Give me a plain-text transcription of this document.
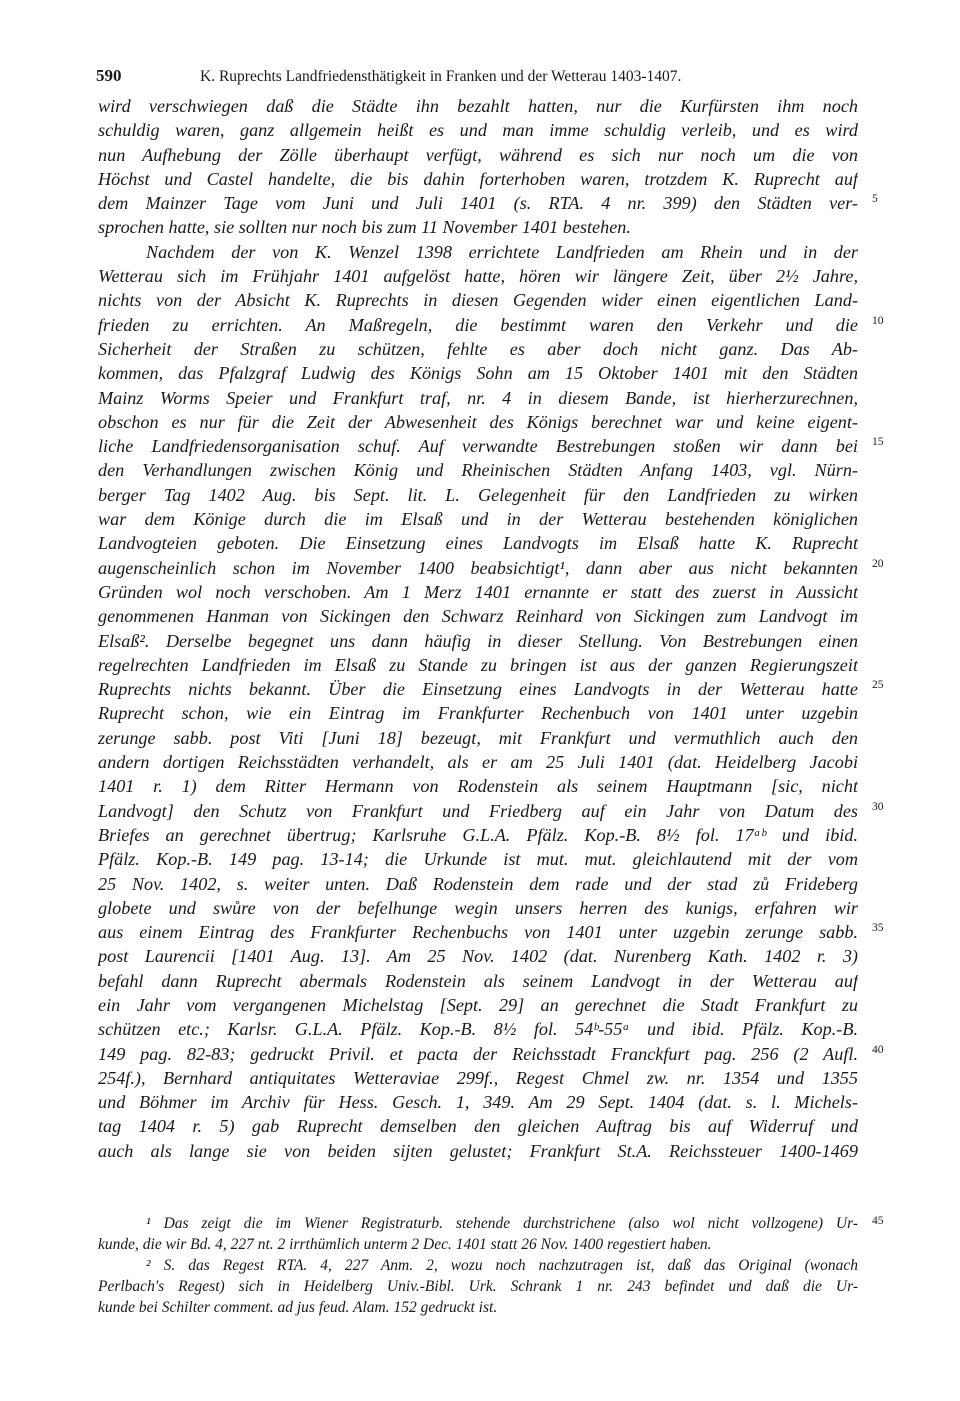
590	K. Ruprechts Landfriedensthätigkeit in Franken und der Wetterau 1403-1407.
wird verschwiegen daß die Städte ihn bezahlt hatten, nur die Kurfürsten ihm noch
schuldig waren, ganz allgemein heißt es und man imme schuldig verleib, und es wird
nun Aufhebung der Zölle überhaupt verfügt, während es sich nur noch um die von
Höchst und Castel handelte, die bis dahin forterhoben waren, trotzdem K. Ruprecht auf
dem Mainzer Tage vom Juni und Juli 1401 (s. RTA. 4 nr. 399) den Städten ver-
sprochen hatte, sie sollten nur noch bis zum 11 November 1401 bestehen.
Nachdem der von K. Wenzel 1398 errichtete Landfrieden am Rhein und in der
Wetterau sich im Frühjahr 1401 aufgelöst hatte, hören wir längere Zeit, über 2½ Jahre,
nichts von der Absicht K. Ruprechts in diesen Gegenden wider einen eigentlichen Land-
frieden zu errichten. An Maßregeln, die bestimmt waren den Verkehr und die
Sicherheit der Straßen zu schützen, fehlte es aber doch nicht ganz. Das Ab-
kommen, das Pfalzgraf Ludwig des Königs Sohn am 15 Oktober 1401 mit den Städten
Mainz Worms Speier und Frankfurt traf, nr. 4 in diesem Bande, ist hierherzurechnen,
obschon es nur für die Zeit der Abwesenheit des Königs berechnet war und keine eigent-
liche Landfriedensorganisation schuf. Auf verwandte Bestrebungen stoßen wir dann bei
den Verhandlungen zwischen König und Rheinischen Städten Anfang 1403, vgl. Nürn-
berger Tag 1402 Aug. bis Sept. lit. L. Gelegenheit für den Landfrieden zu wirken
war dem Könige durch die im Elsaß und in der Wetterau bestehenden königlichen
Landvogteien geboten. Die Einsetzung eines Landvogts im Elsaß hatte K. Ruprecht
augenscheinlich schon im November 1400 beabsichtigt¹, dann aber aus nicht bekannten
Gründen wol noch verschoben. Am 1 Merz 1401 ernannte er statt des zuerst in Aussicht
genommenen Hanman von Sickingen den Schwarz Reinhard von Sickingen zum Landvogt im
Elsaß². Derselbe begegnet uns dann häufig in dieser Stellung. Von Bestrebungen einen
regelrechten Landfrieden im Elsaß zu Stande zu bringen ist aus der ganzen Regierungszeit
Ruprechts nichts bekannt. Über die Einsetzung eines Landvogts in der Wetterau hatte
Ruprecht schon, wie ein Eintrag im Frankfurter Rechenbuch von 1401 unter uzgebin
zerunge sabb. post Viti [Juni 18] bezeugt, mit Frankfurt und vermuthlich auch den
andern dortigen Reichsstädten verhandelt, als er am 25 Juli 1401 (dat. Heidelberg Jacobi
1401 r. 1) dem Ritter Hermann von Rodenstein als seinem Hauptmann [sic, nicht
Landvogt] den Schutz von Frankfurt und Friedberg auf ein Jahr von Datum des
Briefes an gerechnet übertrug; Karlsruhe G.L.A. Pfälz. Kop.-B. 8½ fol. 17ᵃᵇ und ibid.
Pfälz. Kop.-B. 149 pag. 13-14; die Urkunde ist mut. mut. gleichlautend mit der vom
25 Nov. 1402, s. weiter unten. Daß Rodenstein dem rade und der stad zů Frideberg
globete und swůre von der befelhunge wegin unsers herren des kunigs, erfahren wir
aus einem Eintrag des Frankfurter Rechenbuchs von 1401 unter uzgebin zerunge sabb.
post Laurencii [1401 Aug. 13]. Am 25 Nov. 1402 (dat. Nurenberg Kath. 1402 r. 3)
befahl dann Ruprecht abermals Rodenstein als seinem Landvogt in der Wetterau auf
ein Jahr vom vergangenen Michelstag [Sept. 29] an gerechnet die Stadt Frankfurt zu
schützen etc.; Karlsr. G.L.A. Pfälz. Kop.-B. 8½ fol. 54ᵇ-55ᵃ und ibid. Pfälz. Kop.-B.
149 pag. 82-83; gedruckt Privil. et pacta der Reichsstadt Franckfurt pag. 256 (2 Aufl.
254f.), Bernhard antiquitates Wetteraviae 299f., Regest Chmel zw. nr. 1354 und 1355
und Böhmer im Archiv für Hess. Gesch. 1, 349. Am 29 Sept. 1404 (dat. s. l. Michels-
tag 1404 r. 5) gab Ruprecht demselben den gleichen Auftrag bis auf Widerruf und
auch als lange sie von beiden sijten gelustet; Frankfurt St.A. Reichssteuer 1400-1469
¹ Das zeigt die im Wiener Registraturb. stehende durchstrichene (also wol nicht vollzogene) Ur-
kunde, die wir Bd. 4, 227 nt. 2 irrthümlich unterm 2 Dec. 1401 statt 26 Nov. 1400 regestiert haben.
² S. das Regest RTA. 4, 227 Anm. 2, wozu noch nachzutragen ist, daß das Original (wonach
Perlbach's Regest) sich in Heidelberg Univ.-Bibl. Urk. Schrank 1 nr. 243 befindet und daß die Ur-
kunde bei Schilter comment. ad jus feud. Alam. 152 gedruckt ist.
5
10
15
20
25
30
35
40
45
